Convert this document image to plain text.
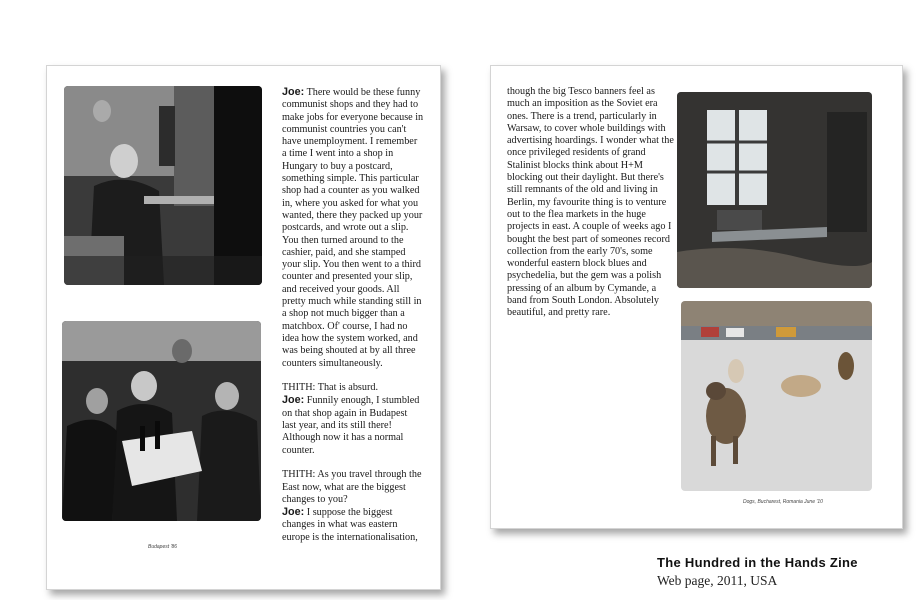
Budapest '86

Joe: There would be these funny communist shops and they had to make jobs for everyone because in communist countries you can't have unemployment. I remember a time I went into a shop in Hungary to buy a postcard, something simple. This particular shop had a counter as you walked in, where you asked for what you wanted, there they packed up your postcards, and wrote out a slip. You then turned around to the cashier, paid, and she stamped your slip. You then went to a third counter and presented your slip, and received your goods. All pretty much while standing still in a shop not much bigger than a matchbox. Of' course, I had no idea how the system worked, and was being shouted at by all three counters simultaneously.

THITH: That is absurd.

Joe: Funnily enough, I stumbled on that shop again in Budapest last year, and its still there! Although now it has a normal counter.

THITH: As you travel through the East now, what are the biggest changes to you?

Joe: I suppose the biggest changes in what was eastern europe is the internationalisation,

though the big Tesco banners feel as much an imposition as the Soviet era ones. There is a trend, particularly in Warsaw, to cover whole buildings with advertising hoardings. I wonder what the once privileged residents of grand Stalinist blocks think about H+M blocking out their daylight. But there's still remnants of the old and living in Berlin, my favourite thing is to venture out to the flea markets in the huge projects in east. A couple of weeks ago I bought the best part of someones record collection from the early 70's, some wonderful eastern block blues and psychedelia, but the gem was a polish pressing of an album by Cymande, a band from South London. Absolutely beautiful, and pretty rare.

Dogs, Bucharest, Romania June '10
The Hundred in the Hands Zine
Web page, 2011, USA
